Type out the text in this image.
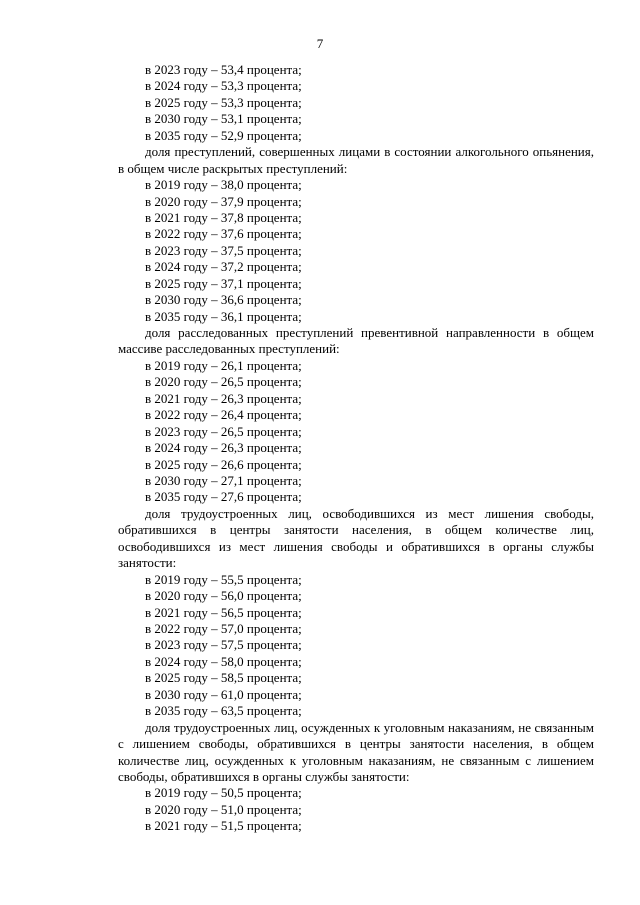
7
в 2023 году – 53,4 процента;
в 2024 году – 53,3 процента;
в 2025 году – 53,3 процента;
в 2030 году – 53,1 процента;
в 2035 году – 52,9 процента;
доля преступлений, совершенных лицами в состоянии алкогольного опьянения, в общем числе раскрытых преступлений:
в 2019 году – 38,0 процента;
в 2020 году – 37,9 процента;
в 2021 году – 37,8 процента;
в 2022 году – 37,6 процента;
в 2023 году – 37,5 процента;
в 2024 году – 37,2 процента;
в 2025 году – 37,1 процента;
в 2030 году – 36,6 процента;
в 2035 году – 36,1 процента;
доля расследованных преступлений превентивной направленности в общем массиве расследованных преступлений:
в 2019 году – 26,1 процента;
в 2020 году – 26,5 процента;
в 2021 году – 26,3 процента;
в 2022 году – 26,4 процента;
в 2023 году – 26,5 процента;
в 2024 году – 26,3 процента;
в 2025 году – 26,6 процента;
в 2030 году – 27,1 процента;
в 2035 году – 27,6 процента;
доля трудоустроенных лиц, освободившихся из мест лишения свободы, обратившихся в центры занятости населения, в общем количестве лиц, освободившихся из мест лишения свободы и обратившихся в органы службы занятости:
в 2019 году – 55,5 процента;
в 2020 году – 56,0 процента;
в 2021 году – 56,5 процента;
в 2022 году – 57,0 процента;
в 2023 году – 57,5 процента;
в 2024 году – 58,0 процента;
в 2025 году – 58,5 процента;
в 2030 году – 61,0 процента;
в 2035 году – 63,5 процента;
доля трудоустроенных лиц, осужденных к уголовным наказаниям, не связанным с лишением свободы, обратившихся в центры занятости населения, в общем количестве лиц, осужденных к уголовным наказаниям, не связанным с лишением свободы, обратившихся в органы службы занятости:
в 2019 году – 50,5 процента;
в 2020 году – 51,0 процента;
в 2021 году – 51,5 процента;
